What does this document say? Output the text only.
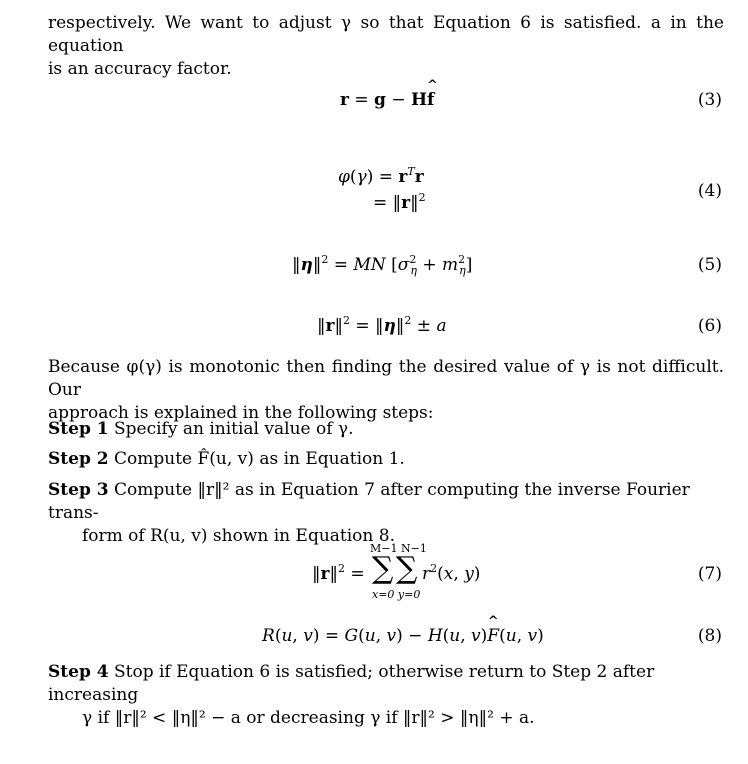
respectively. We want to adjust γ so that Equation 6 is satisfied. a in the equation
is an accuracy factor.
r = g − H^ f	(3)
$\varphi(\gamma) = r^Tr$
= ‖r‖$^2$	(4)
‖η‖$^2$ = MN $[\sigma^2_\eta + m^2_\eta]$	(5)
‖r‖$^2$ = ‖η‖$^2$ ± a	(6)
Because φ(γ) is monotonic then finding the desired value of γ is not difficult. Our
approach is explained in the following steps:
Step 1 Specify an initial value of γ.
Step 2 Compute F̂(u, v) as in Equation 1.
Step 3 Compute ‖r‖² as in Equation 7 after computing the inverse Fourier trans-
form of R(u, v) shown in Equation 8.
‖r‖$^2$ =
M−1 N−1
∑ ∑ $r^2(x$, y)
x=0 y=0
(7)
R(u, v) = G(u, v) − H(u, v)^ F(u, v)	(8)
Step 4 Stop if Equation 6 is satisfied; otherwise return to Step 2 after increasing
γ if ‖r‖² < ‖η‖² − a or decreasing γ if ‖r‖² > ‖η‖² + a.
